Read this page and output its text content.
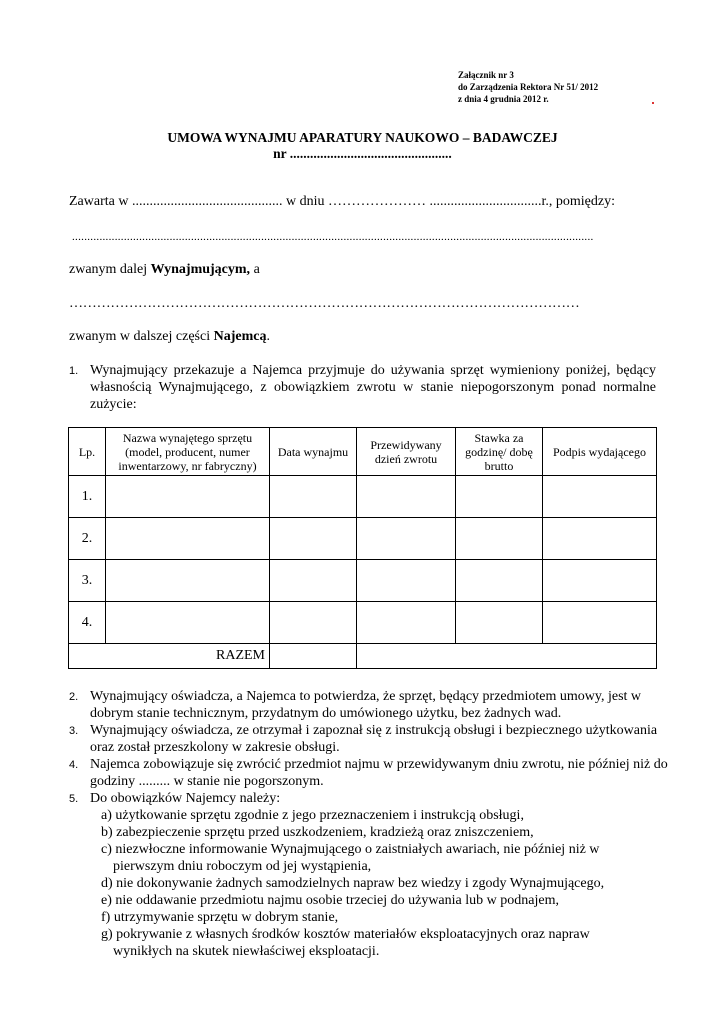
Załącznik nr 3
do Zarządzenia Rektora Nr 51/ 2012
z dnia 4 grudnia 2012 r.
UMOWA WYNAJMU APARATURY NAUKOWO – BADAWCZEJ
nr ................................................
Zawarta w ........................................... w dniu ………………… ................................r., pomiędzy:
...........................................................................................................................................................................
zwanym dalej Wynajmującym, a
…………………………………………………………………………………………………
zwanym w dalszej części Najemcą.
1. Wynajmujący przekazuje a Najemca przyjmuje do używania sprzęt wymieniony poniżej, będący własnością Wynajmującego, z obowiązkiem zwrotu w stanie niepogorszonym ponad normalne zużycie:
Lp.	Nazwa wynajętego sprzętu (model, producent, numer inwentarzowy, nr fabryczny)	Data wynajmu	Przewidywany dzień zwrotu	Stawka za godzinę/ dobę brutto	Podpis wydającego
1.					
2.					
3.					
4.					
RAZEM					
2. Wynajmujący oświadcza, a Najemca to potwierdza, że sprzęt, będący przedmiotem umowy, jest w dobrym stanie technicznym, przydatnym do umówionego użytku, bez żadnych wad.
3. Wynajmujący oświadcza, ze otrzymał i zapoznał się z instrukcją obsługi i bezpiecznego użytkowania oraz został przeszkolony w zakresie obsługi.
4. Najemca zobowiązuje się zwrócić przedmiot najmu w przewidywanym dniu zwrotu, nie później niż do godziny ......... w stanie nie pogorszonym.
5. Do obowiązków Najemcy należy:
a) użytkowanie sprzętu zgodnie z jego przeznaczeniem i instrukcją obsługi,
b) zabezpieczenie sprzętu przed uszkodzeniem, kradzieżą oraz zniszczeniem,
c) niezwłoczne informowanie Wynajmującego o zaistniałych awariach, nie później niż w pierwszym dniu roboczym od jej wystąpienia,
d) nie dokonywanie żadnych samodzielnych napraw bez wiedzy i zgody Wynajmującego,
e) nie oddawanie przedmiotu najmu osobie trzeciej do używania lub w podnajem,
f) utrzymywanie sprzętu w dobrym stanie,
g) pokrywanie z własnych środków kosztów materiałów eksploatacyjnych oraz napraw wynikłych na skutek niewłaściwej eksploatacji.
